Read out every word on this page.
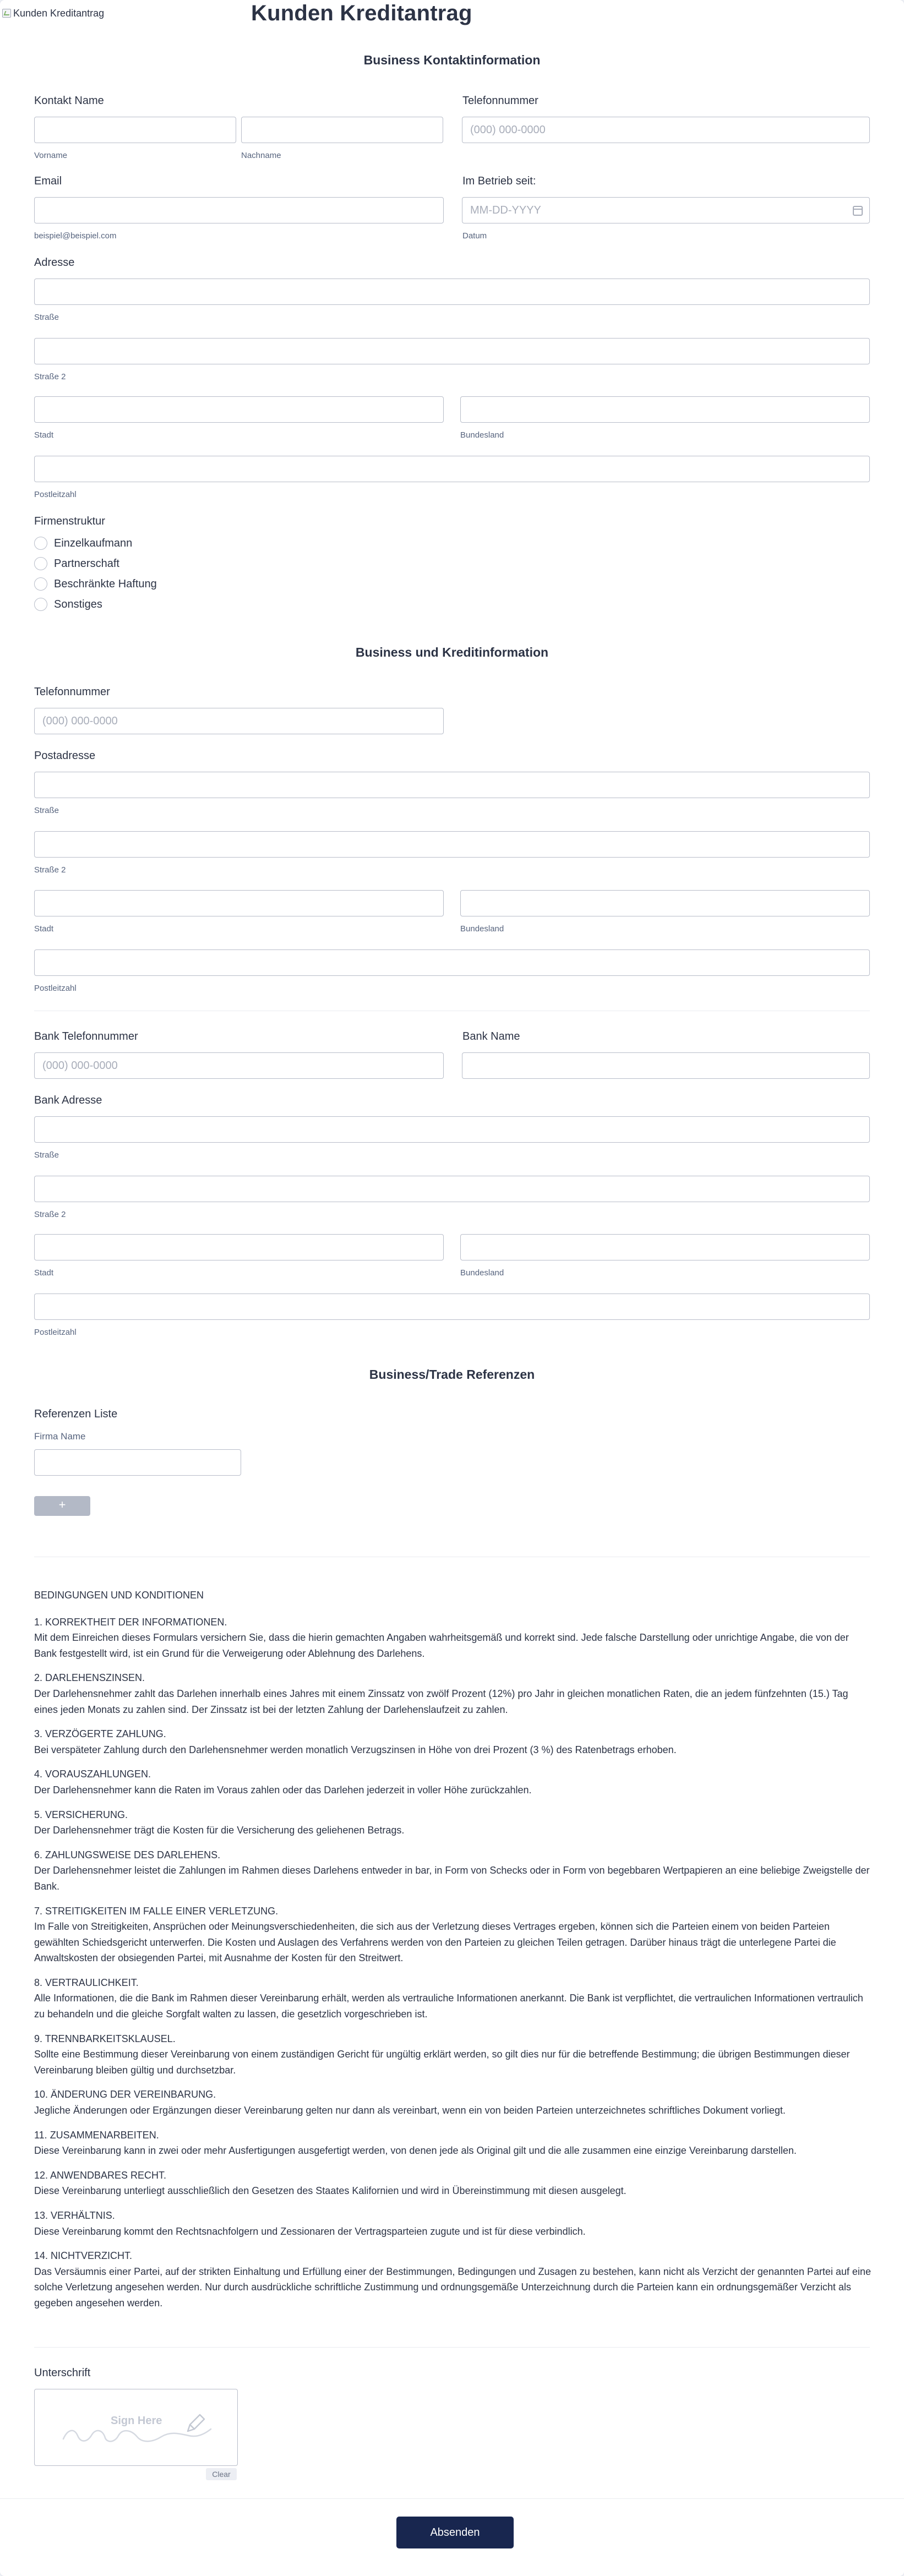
Kunden Kreditantrag	Kunden Kreditantrag
Business Kontaktinformation
Kontakt Name
Vorname	Nachname
Telefonnummer
(000) 000-0000
Email
beispiel@beispiel.com
Im Betrieb seit:
MM-DD-YYYY
Datum
Adresse
Straße
Straße 2
Stadt	Bundesland
Postleitzahl
Firmenstruktur
Einzelkaufmann
Partnerschaft
Beschränkte Haftung
Sonstiges
Business und Kreditinformation
Telefonnummer
(000) 000-0000
Postadresse
Straße
Straße 2
Stadt	Bundesland
Postleitzahl
Bank Telefonnummer
(000) 000-0000	Bank Name
Bank Adresse
Straße
Straße 2
Stadt	Bundesland
Postleitzahl
Business/Trade Referenzen
Referenzen Liste
Firma Name
+

BEDINGUNGEN UND KONDITIONEN

1. KORREKTHEIT DER INFORMATIONEN.
Mit dem Einreichen dieses Formulars versichern Sie, dass die hierin gemachten Angaben wahrheitsgemäß und korrekt sind. Jede falsche Darstellung oder unrichtige Angabe, die von der Bank festgestellt wird, ist ein Grund für die Verweigerung oder Ablehnung des Darlehens.

2. DARLEHENSZINSEN.
Der Darlehensnehmer zahlt das Darlehen innerhalb eines Jahres mit einem Zinssatz von zwölf Prozent (12%) pro Jahr in gleichen monatlichen Raten, die an jedem fünfzehnten (15.) Tag eines jeden Monats zu zahlen sind. Der Zinssatz ist bei der letzten Zahlung der Darlehenslaufzeit zu zahlen.

3. VERZÖGERTE ZAHLUNG.
Bei verspäteter Zahlung durch den Darlehensnehmer werden monatlich Verzugszinsen in Höhe von drei Prozent (3 %) des Ratenbetrags erhoben.

4. VORAUSZAHLUNGEN.
Der Darlehensnehmer kann die Raten im Voraus zahlen oder das Darlehen jederzeit in voller Höhe zurückzahlen.

5. VERSICHERUNG.
Der Darlehensnehmer trägt die Kosten für die Versicherung des geliehenen Betrags.

6. ZAHLUNGSWEISE DES DARLEHENS.
Der Darlehensnehmer leistet die Zahlungen im Rahmen dieses Darlehens entweder in bar, in Form von Schecks oder in Form von begebbaren Wertpapieren an eine beliebige Zweigstelle der Bank.

7. STREITIGKEITEN IM FALLE EINER VERLETZUNG.
Im Falle von Streitigkeiten, Ansprüchen oder Meinungsverschiedenheiten, die sich aus der Verletzung dieses Vertrages ergeben, können sich die Parteien einem von beiden Parteien gewählten Schiedsgericht unterwerfen. Die Kosten und Auslagen des Verfahrens werden von den Parteien zu gleichen Teilen getragen. Darüber hinaus trägt die unterlegene Partei die Anwaltskosten der obsiegenden Partei, mit Ausnahme der Kosten für den Streitwert.

8. VERTRAULICHKEIT.
Alle Informationen, die die Bank im Rahmen dieser Vereinbarung erhält, werden als vertrauliche Informationen anerkannt. Die Bank ist verpflichtet, die vertraulichen Informationen vertraulich zu behandeln und die gleiche Sorgfalt walten zu lassen, die gesetzlich vorgeschrieben ist.

9. TRENNBARKEITSKLAUSEL.
Sollte eine Bestimmung dieser Vereinbarung von einem zuständigen Gericht für ungültig erklärt werden, so gilt dies nur für die betreffende Bestimmung; die übrigen Bestimmungen dieser Vereinbarung bleiben gültig und durchsetzbar.

10. ÄNDERUNG DER VEREINBARUNG.
Jegliche Änderungen oder Ergänzungen dieser Vereinbarung gelten nur dann als vereinbart, wenn ein von beiden Parteien unterzeichnetes schriftliches Dokument vorliegt.

11. ZUSAMMENARBEITEN.
Diese Vereinbarung kann in zwei oder mehr Ausfertigungen ausgefertigt werden, von denen jede als Original gilt und die alle zusammen eine einzige Vereinbarung darstellen.

12. ANWENDBARES RECHT.
Diese Vereinbarung unterliegt ausschließlich den Gesetzen des Staates Kalifornien und wird in Übereinstimmung mit diesen ausgelegt.

13. VERHÄLTNIS.
Diese Vereinbarung kommt den Rechtsnachfolgern und Zessionaren der Vertragsparteien zugute und ist für diese verbindlich.

14. NICHTVERZICHT.
Das Versäumnis einer Partei, auf der strikten Einhaltung und Erfüllung einer der Bestimmungen, Bedingungen und Zusagen zu bestehen, kann nicht als Verzicht der genannten Partei auf eine solche Verletzung angesehen werden. Nur durch ausdrückliche schriftliche Zustimmung und ordnungsgemäße Unterzeichnung durch die Parteien kann ein ordnungsgemäßer Verzicht als gegeben angesehen werden.

Unterschrift
Sign Here
Clear
Absenden
